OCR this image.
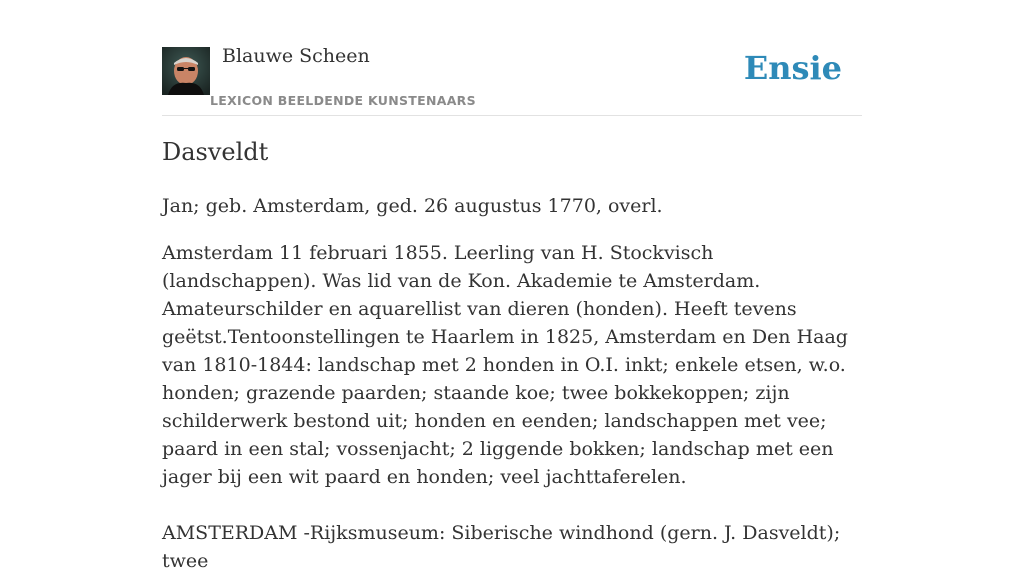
Blauwe Scheen
LEXICON BEELDENDE KUNSTENAARS
Ensie
Dasveldt

Jan; geb. Amsterdam, ged. 26 augustus 1770, overl.

Amsterdam 11 februari 1855. Leerling van H. Stockvisch (landschappen). Was lid van de Kon. Akademie te Amsterdam. Amateurschilder en aquarellist van dieren (honden). Heeft tevens geëtst.Tentoonstellingen te Haarlem in 1825, Amsterdam en Den Haag van 1810-1844: landschap met 2 honden in O.I. inkt; enkele etsen, w.o. honden; grazende paarden; staande koe; twee bokkekoppen; zijn schilderwerk bestond uit; honden en eenden; landschappen met vee; paard in een stal; vossenjacht; 2 liggende bokken; landschap met een jager bij een wit paard en honden; veel jachttaferelen.

AMSTERDAM -Rijksmuseum: Siberische windhond (gern. J. Dasveldt); twee
